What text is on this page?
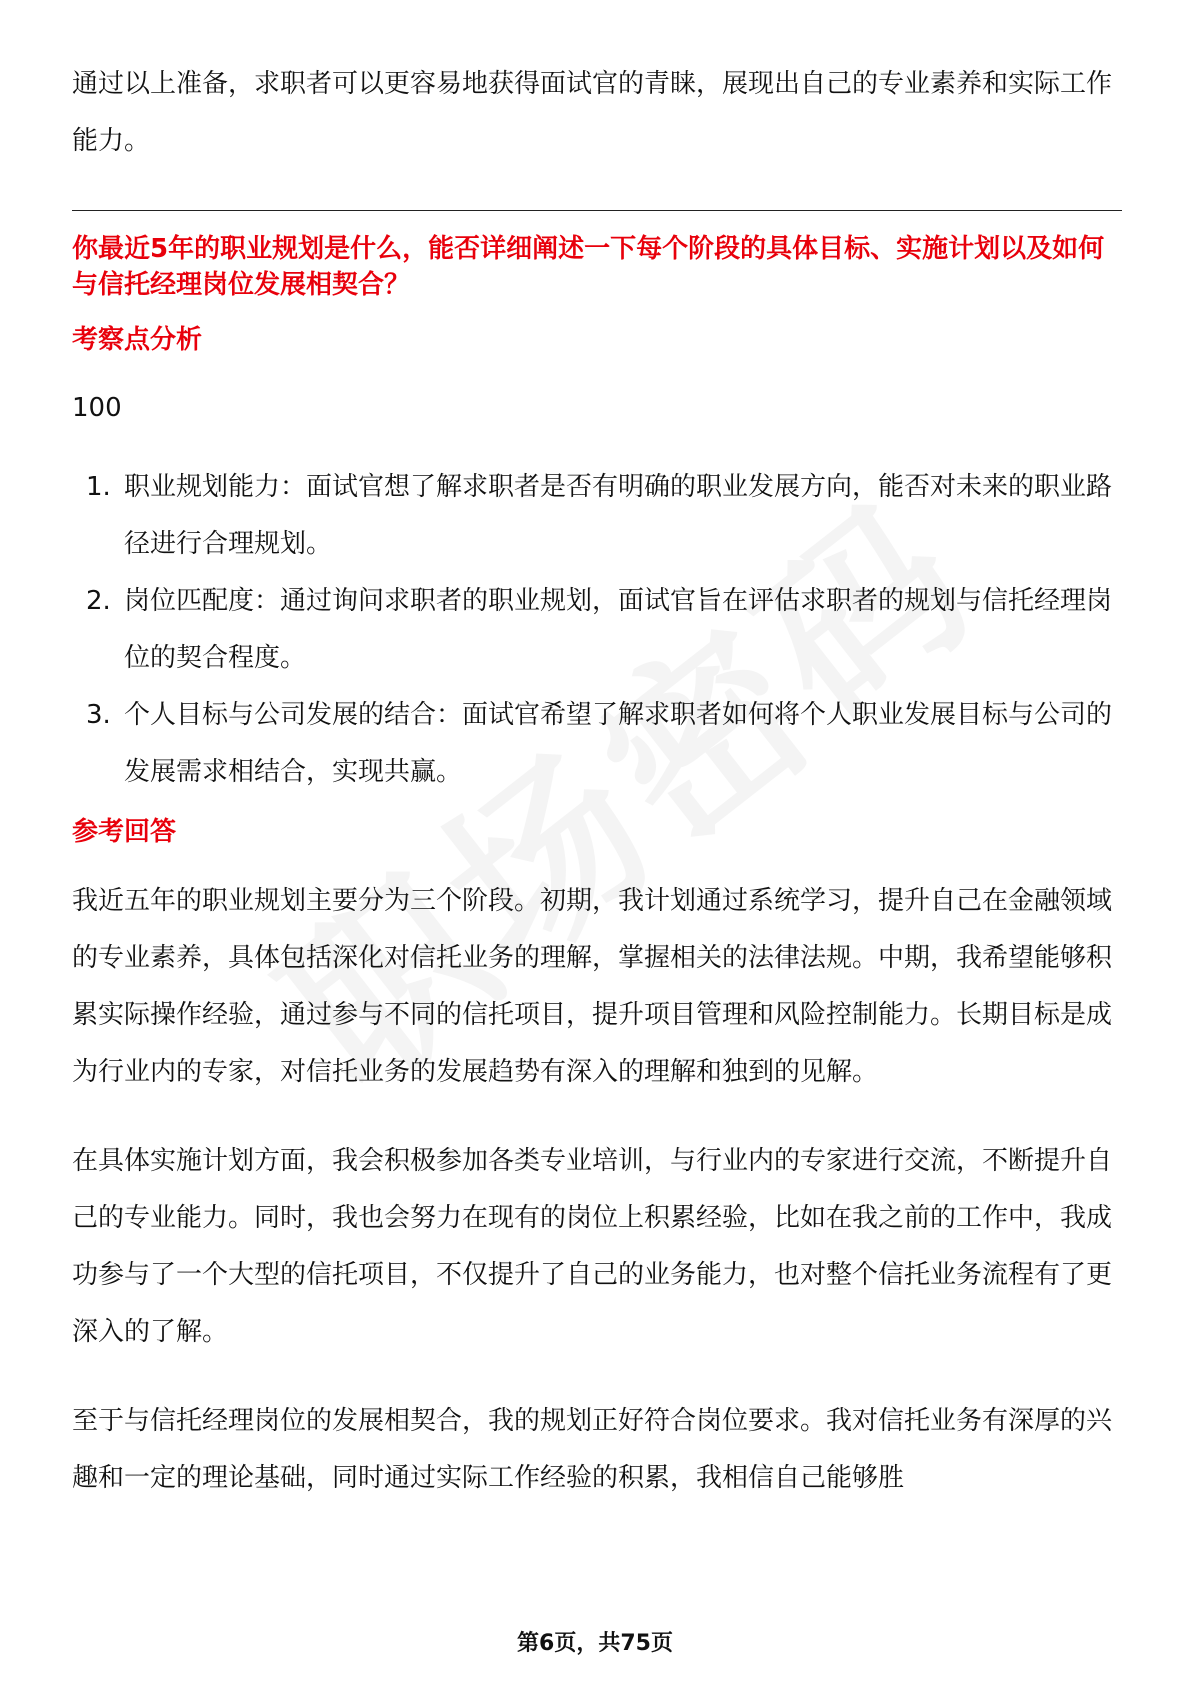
通过以上准备，求职者可以更容易地获得面试官的青睐，展现出自己的专业素养和实际工作能力。

你最近5年的职业规划是什么，能否详细阐述一下每个阶段的具体目标、实施计划以及如何与信托经理岗位发展相契合？

考察点分析
100
1. 职业规划能力：面试官想了解求职者是否有明确的职业发展方向，能否对未来的职业路径进行合理规划。
2. 岗位匹配度：通过询问求职者的职业规划，面试官旨在评估求职者的规划与信托经理岗位的契合程度。
3. 个人目标与公司发展的结合：面试官希望了解求职者如何将个人职业发展目标与公司的发展需求相结合，实现共赢。
参考回答

我近五年的职业规划主要分为三个阶段。初期，我计划通过系统学习，提升自己在金融领域的专业素养，具体包括深化对信托业务的理解，掌握相关的法律法规。中期，我希望能够积累实际操作经验，通过参与不同的信托项目，提升项目管理和风险控制能力。长期目标是成为行业内的专家，对信托业务的发展趋势有深入的理解和独到的见解。

在具体实施计划方面，我会积极参加各类专业培训，与行业内的专家进行交流，不断提升自己的专业能力。同时，我也会努力在现有的岗位上积累经验，比如在我之前的工作中，我成功参与了一个大型的信托项目，不仅提升了自己的业务能力，也对整个信托业务流程有了更深入的了解。

至于与信托经理岗位的发展相契合，我的规划正好符合岗位要求。我对信托业务有深厚的兴趣和一定的理论基础，同时通过实际工作经验的积累，我相信自己能够胜

第6页，共75页
